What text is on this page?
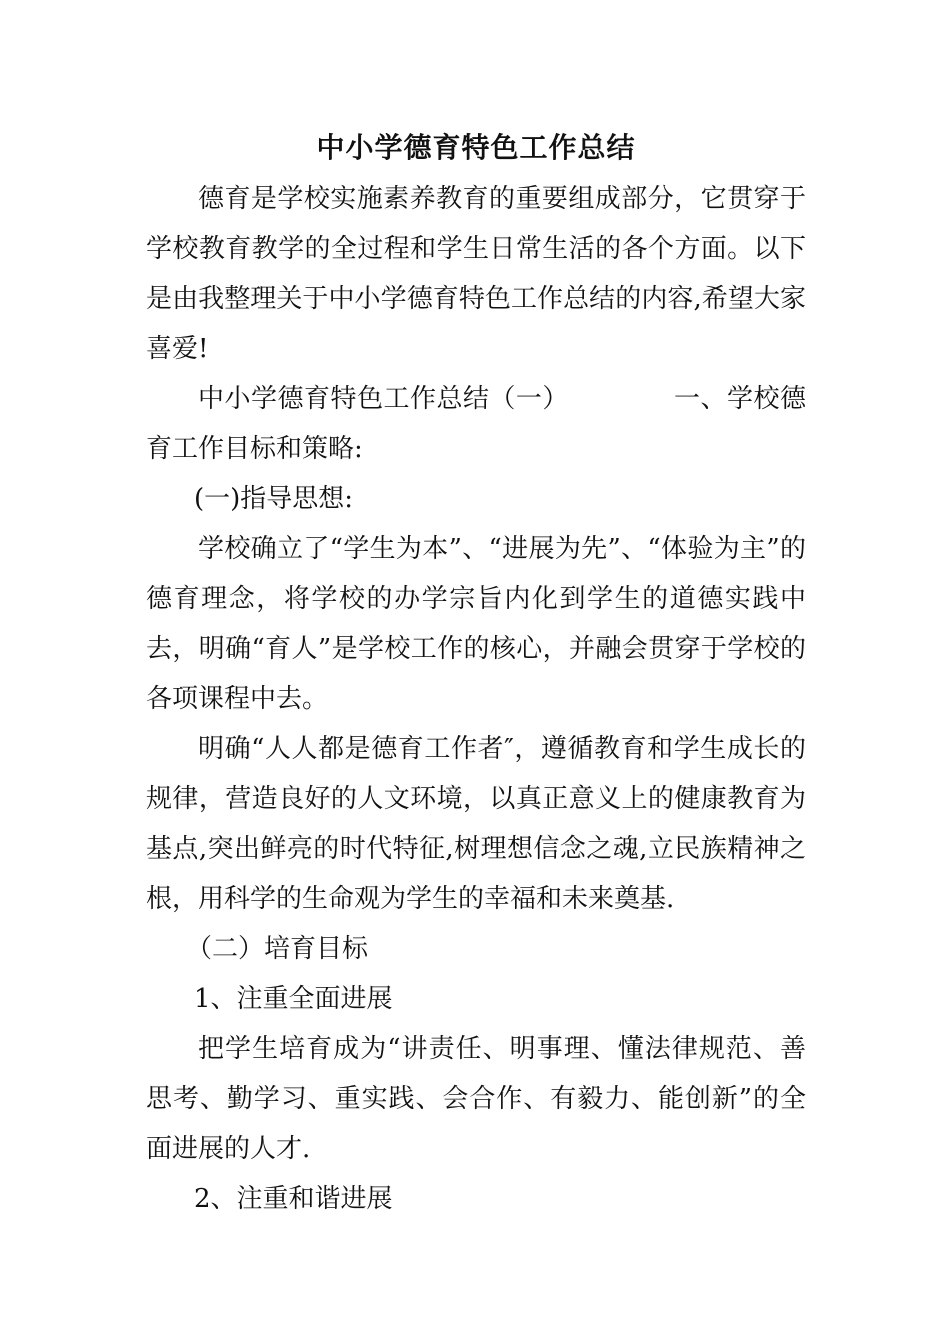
中小学德育特色工作总结

德育是学校实施素养教育的重要组成部分，它贯穿于学校教育教学的全过程和学生日常生活的各个方面。以下是由我整理关于中小学德育特色工作总结的内容,希望大家喜爱!

中小学德育特色工作总结（一）            一、学校德育工作目标和策略:

(一)指导思想:

学校确立了“学生为本”、“进展为先”、“体验为主”的德育理念，将学校的办学宗旨内化到学生的道德实践中去，明确“育人”是学校工作的核心，并融会贯穿于学校的各项课程中去。

明确“人人都是德育工作者″，遵循教育和学生成长的规律，营造良好的人文环境，以真正意义上的健康教育为基点,突出鲜亮的时代特征,树理想信念之魂,立民族精神之根，用科学的生命观为学生的幸福和未来奠基.

（二）培育目标

1、注重全面进展

把学生培育成为“讲责任、明事理、懂法律规范、善思考、勤学习、重实践、会合作、有毅力、能创新”的全面进展的人才.

2、注重和谐进展
